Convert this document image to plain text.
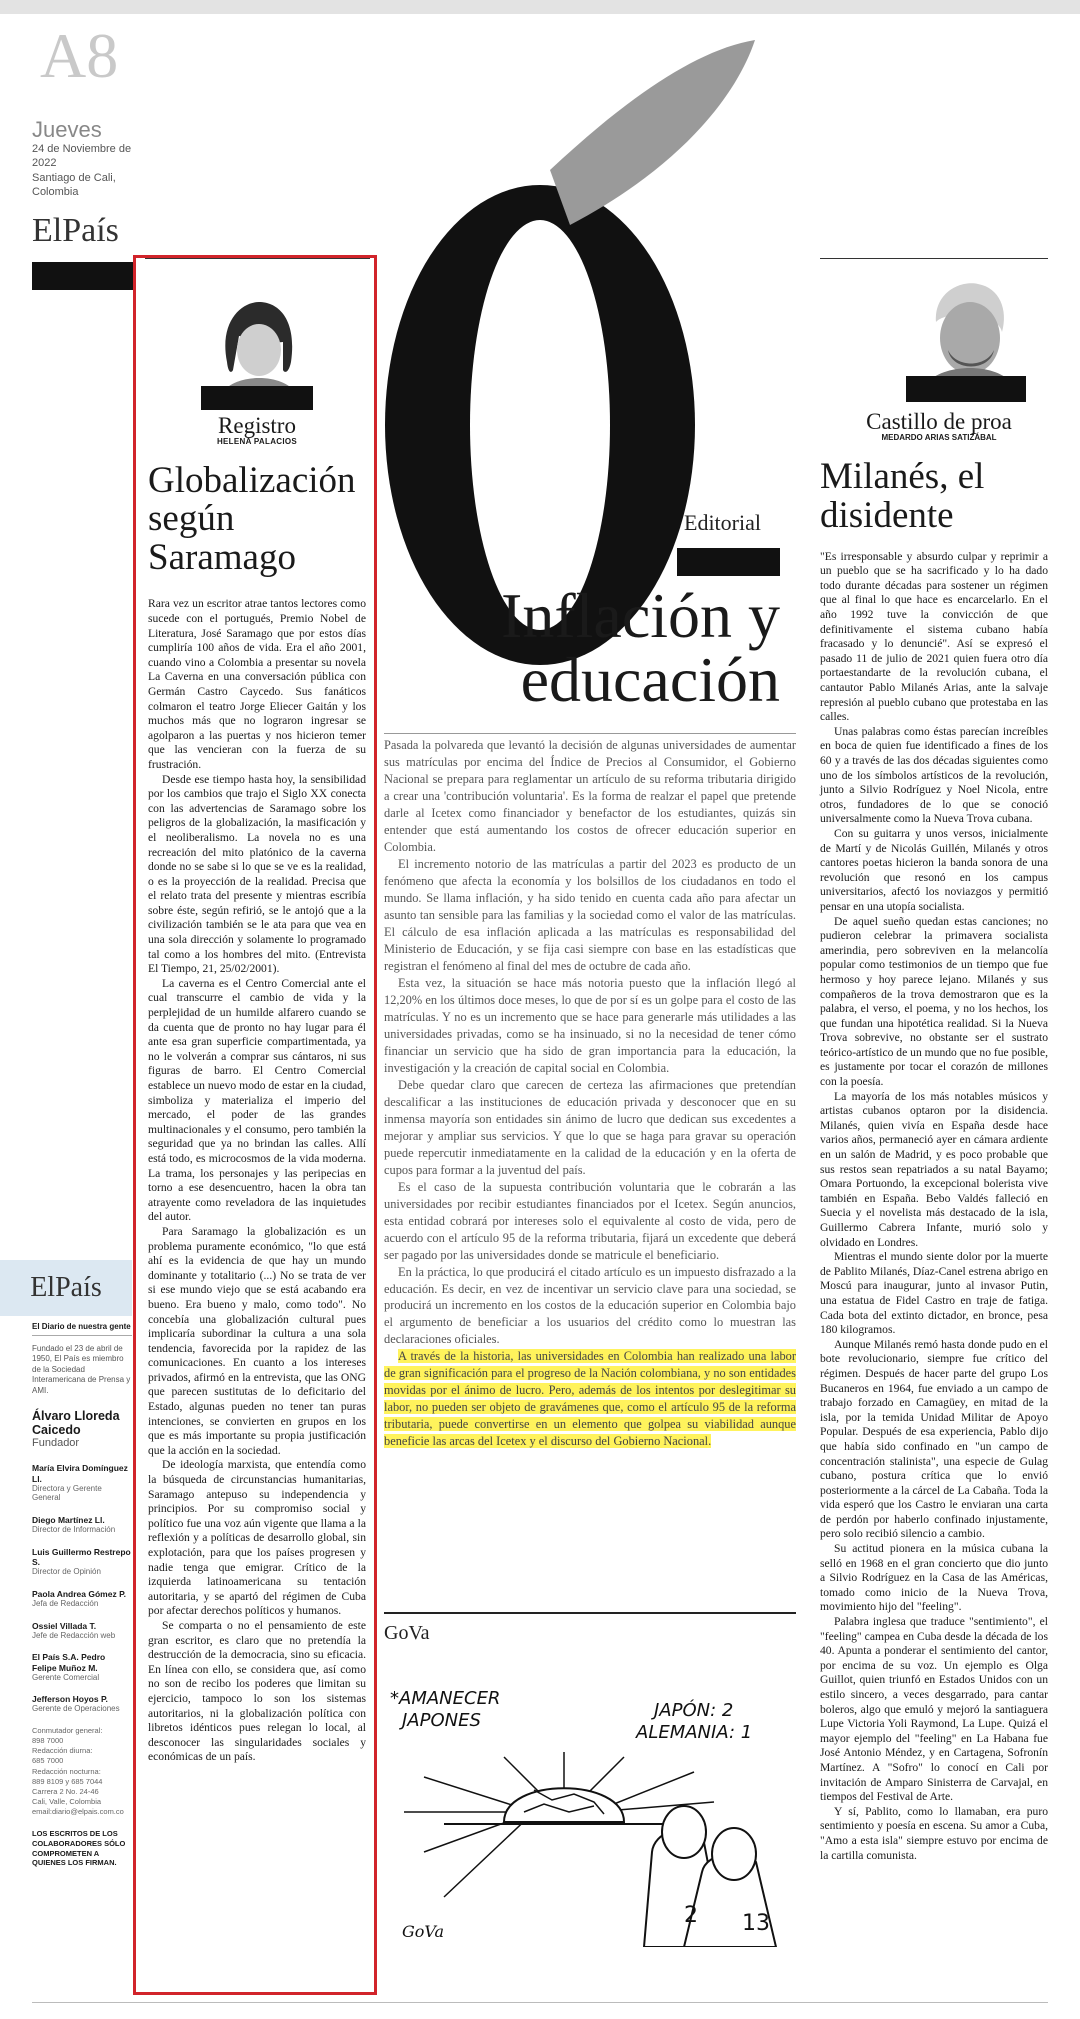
A8
Jueves
24 de Noviembre de 2022
Santiago de Cali,
Colombia
ElPaís
Registro
HELENA PALACIOS
Globalización según Saramago

Rara vez un escritor atrae tantos lectores como sucede con el portugués, Premio Nobel de Literatura, José Saramago que por estos días cumpliría 100 años de vida. Era el año 2001, cuando vino a Colombia a presentar su novela La Caverna en una conversación pública con Germán Castro Caycedo. Sus fanáticos colmaron el teatro Jorge Eliecer Gaitán y los muchos más que no lograron ingresar se agolparon a las puertas y nos hicieron temer que las vencieran con la fuerza de su frustración.

Desde ese tiempo hasta hoy, la sensibilidad por los cambios que trajo el Siglo XX conecta con las advertencias de Saramago sobre los peligros de la globalización, la masificación y el neoliberalismo. La novela no es una recreación del mito platónico de la caverna donde no se sabe si lo que se ve es la realidad, o es la proyección de la realidad. Precisa que el relato trata del presente y mientras escribía sobre éste, según refirió, se le antojó que a la civilización también se le ata para que vea en una sola dirección y solamente lo programado tal como a los hombres del mito. (Entrevista El Tiempo, 21, 25/02/2001).

La caverna es el Centro Comercial ante el cual transcurre el cambio de vida y la perplejidad de un humilde alfarero cuando se da cuenta que de pronto no hay lugar para él ante esa gran superficie compartimentada, ya no le volverán a comprar sus cántaros, ni sus figuras de barro. El Centro Comercial establece un nuevo modo de estar en la ciudad, simboliza y materializa el imperio del mercado, el poder de las grandes multinacionales y el consumo, pero también la seguridad que ya no brindan las calles. Allí está todo, es microcosmos de la vida moderna. La trama, los personajes y las peripecias en torno a ese desencuentro, hacen la obra tan atrayente como reveladora de las inquietudes del autor.

Para Saramago la globalización es un problema puramente económico, "lo que está ahí es la evidencia de que hay un mundo dominante y totalitario (...) No se trata de ver si ese mundo viejo que se está acabando era bueno. Era bueno y malo, como todo". No concebía una globalización cultural pues implicaría subordinar la cultura a una sola tendencia, favorecida por la rapidez de las comunicaciones. En cuanto a los intereses privados, afirmó en la entrevista, que las ONG que parecen sustitutas de lo deficitario del Estado, algunas pueden no tener tan puras intenciones, se convierten en grupos en los que es más importante su propia justificación que la acción en la sociedad.

De ideología marxista, que entendía como la búsqueda de circunstancias humanitarias, Saramago antepuso su independencia y principios. Por su compromiso social y político fue una voz aún vigente que llama a la reflexión y a políticas de desarrollo global, sin explotación, para que los países progresen y nadie tenga que emigrar. Crítico de la izquierda latinoamericana su tentación autoritaria, y se apartó del régimen de Cuba por afectar derechos políticos y humanos.

Se comparta o no el pensamiento de este gran escritor, es claro que no pretendía la destrucción de la democracia, sino su eficacia. En línea con ello, se considera que, así como no son de recibo los poderes que limitan su ejercicio, tampoco lo son los sistemas autoritarios, ni la globalización política con libretos idénticos pues relegan lo local, al desconocer las singularidades sociales y económicas de un país.

El País
El Diario de nuestra gente
Fundado el 23 de abril de 1950, El País es miembro de la Sociedad Interamericana de Prensa y AMI.
Álvaro Lloreda Caicedo
Fundador
María Elvira Domínguez Ll.
Directora y Gerente General
Diego Martínez Ll.
Director de Información
Luis Guillermo Restrepo S.
Director de Opinión
Paola Andrea Gómez P.
Jefa de Redacción
Ossiel Villada T.
Jefe de Redacción web
El País S.A. Pedro Felipe Muñoz M.
Gerente Comercial
Jefferson Hoyos P.
Gerente de Operaciones
Conmutador general:
898 7000
Redacción diurna:
685 7000
Redacción nocturna:
889 8109 y 685 7044
Carrera 2 No. 24-46
Cali, Valle, Colombia
email:diario@elpais.com.co
LOS ESCRITOS DE LOS COLABORADORES SÓLO COMPROMETEN A QUIENES LOS FIRMAN.
Editorial
Inflación y
educación

Pasada la polvareda que levantó la decisión de algunas universidades de aumentar sus matrículas por encima del Índice de Precios al Consumidor, el Gobierno Nacional se prepara para reglamentar un artículo de su reforma tributaria dirigido a crear una 'contribución voluntaria'. Es la forma de realzar el papel que pretende darle al Icetex como financiador y benefactor de los estudiantes, quizás sin entender que está aumentando los costos de ofrecer educación superior en Colombia.

El incremento notorio de las matrículas a partir del 2023 es producto de un fenómeno que afecta la economía y los bolsillos de los ciudadanos en todo el mundo. Se llama inflación, y ha sido tenido en cuenta cada año para afectar un asunto tan sensible para las familias y la sociedad como el valor de las matrículas. El cálculo de esa inflación aplicada a las matrículas es responsabilidad del Ministerio de Educación, y se fija casi siempre con base en las estadísticas que registran el fenómeno al final del mes de octubre de cada año.

Esta vez, la situación se hace más notoria puesto que la inflación llegó al 12,20% en los últimos doce meses, lo que de por sí es un golpe para el costo de las matrículas. Y no es un incremento que se hace para generarle más utilidades a las universidades privadas, como se ha insinuado, si no la necesidad de tener cómo financiar un servicio que ha sido de gran importancia para la educación, la investigación y la creación de capital social en Colombia.

Debe quedar claro que carecen de certeza las afirmaciones que pretendían descalificar a las instituciones de educación privada y desconocer que en su inmensa mayoría son entidades sin ánimo de lucro que dedican sus excedentes a mejorar y ampliar sus servicios. Y que lo que se haga para gravar su operación puede repercutir inmediatamente en la calidad de la educación y en la oferta de cupos para formar a la juventud del país.

Es el caso de la supuesta contribución voluntaria que le cobrarán a las universidades por recibir estudiantes financiados por el Icetex. Según anuncios, esta entidad cobrará por intereses solo el equivalente al costo de vida, pero de acuerdo con el artículo 95 de la reforma tributaria, fijará un excedente que deberá ser pagado por las universidades donde se matricule el beneficiario.

En la práctica, lo que producirá el citado artículo es un impuesto disfrazado a la educación. Es decir, en vez de incentivar un servicio clave para una sociedad, se producirá un incremento en los costos de la educación superior en Colombia bajo el argumento de beneficiar a los usuarios del crédito como lo muestran las declaraciones oficiales.

A través de la historia, las universidades en Colombia han realizado una labor de gran significación para el progreso de la Nación colombiana, y no son entidades movidas por el ánimo de lucro. Pero, además de los intentos por deslegitimar su labor, no pueden ser objeto de gravámenes que, como el artículo 95 de la reforma tributaria, puede convertirse en un elemento que golpea su viabilidad aunque beneficie las arcas del Icetex y el discurso del Gobierno Nacional.

GoVa
*AMANECER
JAPONES	JAPÓN: 2
ALEMANIA: 1
2 13
GoVa
Castillo de proa
MEDARDO ARIAS SATIZÁBAL
Milanés, el disidente

"Es irresponsable y absurdo culpar y reprimir a un pueblo que se ha sacrificado y lo ha dado todo durante décadas para sostener un régimen que al final lo que hace es encarcelarlo. En el año 1992 tuve la convicción de que definitivamente el sistema cubano había fracasado y lo denuncié". Así se expresó el pasado 11 de julio de 2021 quien fuera otro día portaestandarte de la revolución cubana, el cantautor Pablo Milanés Arias, ante la salvaje represión al pueblo cubano que protestaba en las calles.

Unas palabras como éstas parecían increíbles en boca de quien fue identificado a fines de los 60 y a través de las dos décadas siguientes como uno de los símbolos artísticos de la revolución, junto a Silvio Rodríguez y Noel Nicola, entre otros, fundadores de lo que se conoció universalmente como la Nueva Trova cubana.

Con su guitarra y unos versos, inicialmente de Martí y de Nicolás Guillén, Milanés y otros cantores poetas hicieron la banda sonora de una revolución que resonó en los campus universitarios, afectó los noviazgos y permitió pensar en una utopía socialista.

De aquel sueño quedan estas canciones; no pudieron celebrar la primavera socialista amerindia, pero sobreviven en la melancolía popular como testimonios de un tiempo que fue hermoso y hoy parece lejano. Milanés y sus compañeros de la trova demostraron que es la palabra, el verso, el poema, y no los hechos, los que fundan una hipotética realidad. Si la Nueva Trova sobrevive, no obstante ser el sustrato teórico-artístico de un mundo que no fue posible, es justamente por tocar el corazón de millones con la poesía.

La mayoría de los más notables músicos y artistas cubanos optaron por la disidencia. Milanés, quien vivía en España desde hace varios años, permaneció ayer en cámara ardiente en un salón de Madrid, y es poco probable que sus restos sean repatriados a su natal Bayamo; Omara Portuondo, la excepcional bolerista vive también en España. Bebo Valdés falleció en Suecia y el novelista más destacado de la isla, Guillermo Cabrera Infante, murió solo y olvidado en Londres.

Mientras el mundo siente dolor por la muerte de Pablito Milanés, Díaz-Canel estrena abrigo en Moscú para inaugurar, junto al invasor Putin, una estatua de Fidel Castro en traje de fatiga. Cada bota del extinto dictador, en bronce, pesa 180 kilogramos.

Aunque Milanés remó hasta donde pudo en el bote revolucionario, siempre fue crítico del régimen. Después de hacer parte del grupo Los Bucaneros en 1964, fue enviado a un campo de trabajo forzado en Camagüey, en mitad de la isla, por la temida Unidad Militar de Apoyo Popular. Después de esa experiencia, Pablo dijo que había sido confinado en "un campo de concentración stalinista", una especie de Gulag cubano, postura crítica que lo envió posteriormente a la cárcel de La Cabaña. Toda la vida esperó que los Castro le enviaran una carta de perdón por haberlo confinado injustamente, pero solo recibió silencio a cambio.

Su actitud pionera en la música cubana la selló en 1968 en el gran concierto que dio junto a Silvio Rodríguez en la Casa de las Américas, tomado como inicio de la Nueva Trova, movimiento hijo del "feeling".

Palabra inglesa que traduce "sentimiento", el "feeling" campea en Cuba desde la década de los 40. Apunta a ponderar el sentimiento del cantor, por encima de su voz. Un ejemplo es Olga Guillot, quien triunfó en Estados Unidos con un estilo sincero, a veces desgarrado, para cantar boleros, algo que emuló y mejoró la santiaguera Lupe Victoria Yoli Raymond, La Lupe. Quizá el mayor ejemplo del "feeling" en La Habana fue José Antonio Méndez, y en Cartagena, Sofronín Martínez. A "Sofro" lo conocí en Cali por invitación de Amparo Sinisterra de Carvajal, en tiempos del Festival de Arte.

Y sí, Pablito, como lo llamaban, era puro sentimiento y poesía en escena. Su amor a Cuba, "Amo a esta isla" siempre estuvo por encima de la cartilla comunista.
